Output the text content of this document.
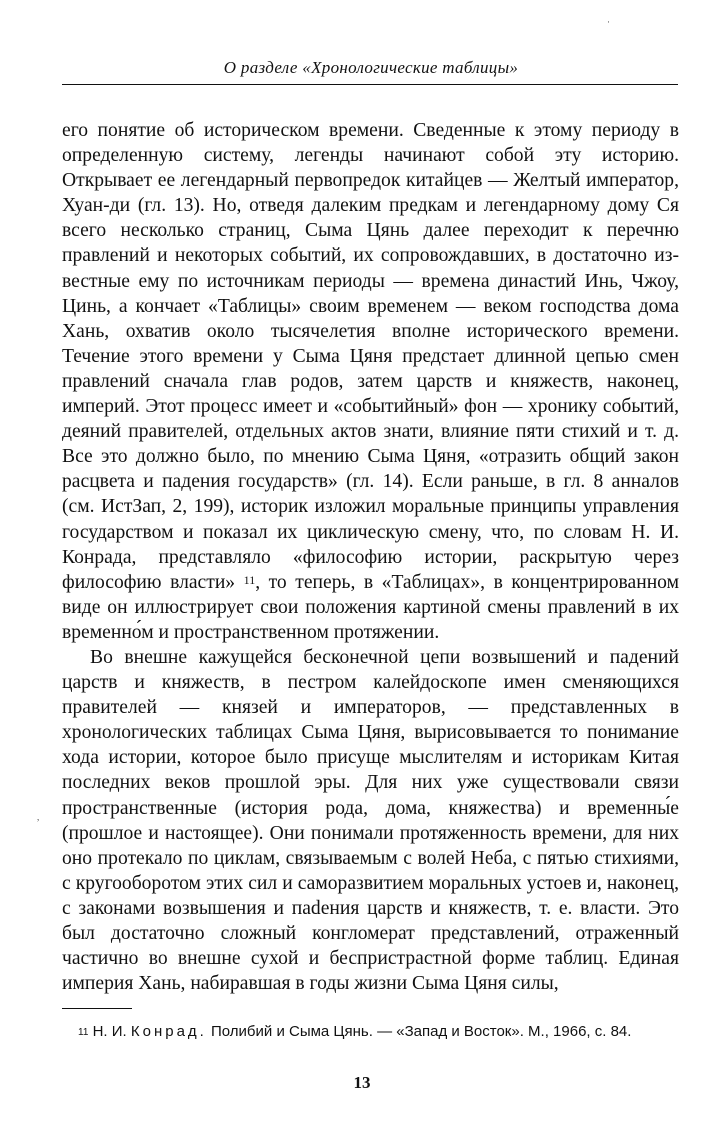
·
,
О разделе «Хронологические таблицы»

его понятие об историческом времени. Сведенные к этому периоду в определенную систему, легенды начинают собой эту историю. Открывает ее легендарный первопредок китайцев — Желтый император, Хуан-ди (гл. 13). Но, отведя далеким предкам и легендарному дому Ся всего несколько страниц, Сыма Цянь далее переходит к перечню правлений и некоторых событий, их сопровождавших, в достаточно известные ему по источникам периоды — времена династий Инь, Чжоу, Цинь, а кончает «Таблицы» своим временем — веком господства дома Хань, охватив около тысячелетия вполне исторического времени. Течение этого времени у Сыма Цяня предстает длинной цепью смен правлений сначала глав родов, затем царств и княжеств, наконец, империй. Этот процесс имеет и «событийный» фон — хронику событий, деяний правителей, отдельных актов знати, влияние пяти стихий и т. д. Все это должно было, по мнению Сыма Цяня, «отразить общий закон расцвета и падения государств» (гл. 14). Если раньше, в гл. 8 анналов (см. ИстЗап, 2, 199), историк изложил моральные принципы управления государством и показал их циклическую смену, что, по словам Н. И. Конрада, представляло «философию истории, раскрытую через философию власти» $^{11}$, то теперь, в «Таблицах», в концентрированном виде он иллюстрирует свои положения картиной смены правлений в их временно́м и пространственном протяжении.

Во внешне кажущейся бесконечной цепи возвышений и падений царств и княжеств, в пестром калейдоскопе имен сменяющихся правителей — князей и императоров, — представленных в хронологических таблицах Сыма Цяня, вырисовывается то понимание хода истории, которое было присуще мыслителям и историкам Китая последних веков прошлой эры. Для них уже существовали связи пространственные (история рода, дома, княжества) и временны́е (прошлое и настоящее). Они понимали протяженность времени, для них оно протекало по циклам, связываемым с волей Неба, с пятью стихиями, с кругооборотом этих сил и саморазвитием моральных устоев и, наконец, с законами возвышения и паdения царств и княжеств, т. е. власти. Это был достаточно сложный конгломерат представлений, отраженный частично во внешне сухой и беспристрастной форме таблиц. Единая империя Хань, набиравшая в годы жизни Сыма Цяня силы,

$^{11}$ Н. И. Конрад. Полибий и Сыма Цянь. — «Запад и Восток». М., 1966, с. 84.
13
